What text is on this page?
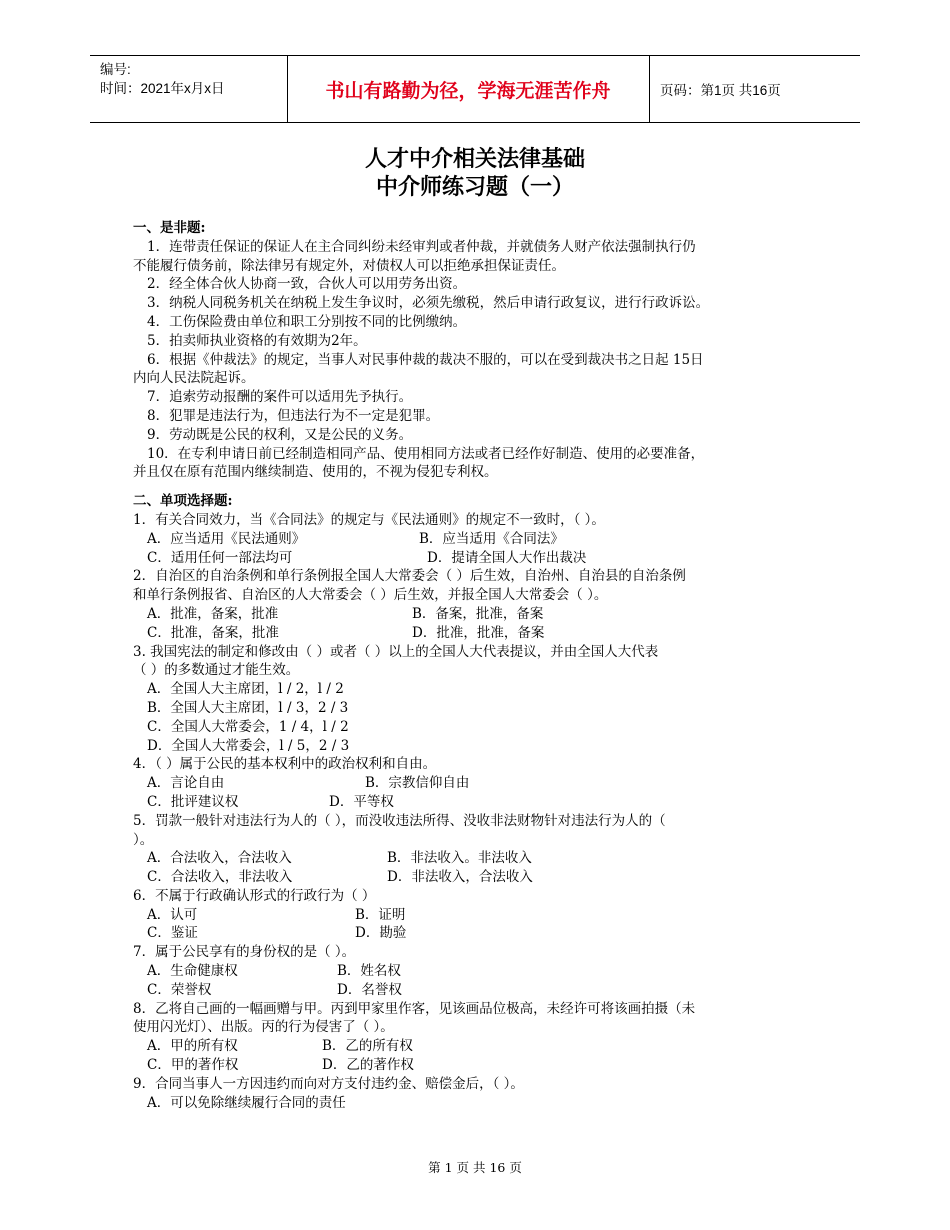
编号:
时间：2021年x月x日	书山有路勤为径，学海无涯苦作舟	页码：第1页 共16页
人才中介相关法律基础
中介师练习题（一）

一、是非题:

1．连带责任保证的保证人在主合同纠纷未经审判或者仲裁，并就债务人财产依法强制执行仍

不能履行债务前，除法律另有规定外，对债权人可以拒绝承担保证责任。

2．经全体合伙人协商一致，合伙人可以用劳务出资。

3．纳税人同税务机关在纳税上发生争议时，必须先缴税，然后申请行政复议，进行行政诉讼。

4．工伤保险费由单位和职工分别按不同的比例缴纳。

5．拍卖师执业资格的有效期为2年。

6．根据《仲裁法》的规定，当事人对民事仲裁的裁决不服的，可以在受到裁决书之日起 15日

内向人民法院起诉。

7．追索劳动报酬的案件可以适用先予执行。

8．犯罪是违法行为，但违法行为不一定是犯罪。

9．劳动既是公民的权利，又是公民的义务。

10．在专利申请日前已经制造相同产品、使用相同方法或者已经作好制造、使用的必要准备，

并且仅在原有范围内继续制造、使用的，不视为侵犯专利权。

二、单项选择题:

1．有关合同效力，当《合同法》的规定与《民法通则》的规定不一致时，（ ）。

A．应当适用《民法通则》	B．应当适用《合同法》
C．适用任何一部法均可	D．提请全国人大作出裁决

2．自治区的自治条例和单行条例报全国人大常委会（ ）后生效，自治州、自治县的自治条例

和单行条例报省、自治区的人大常委会（ ）后生效，并报全国人大常委会（ ）。

A．批准，备案，批准	B．备案，批准，备案
C．批准，备案，批准	D．批准，批准，备案

3. 我国宪法的制定和修改由（ ）或者（ ）以上的全国人大代表提议，并由全国人大代表

（ ）的多数通过才能生效。

A．全国人大主席团，l / 2，l / 2

B．全国人大主席团，l / 3，2 / 3

C．全国人大常委会，1 / 4，l / 2

D．全国人大常委会，l / 5，2 / 3

4．（ ）属于公民的基本权利中的政治权利和自由。

A．言论自由	B．宗教信仰自由
C．批评建议权	D．平等权

5．罚款一般针对违法行为人的（ ），而没收违法所得、没收非法财物针对违法行为人的（

）。

A．合法收入，合法收入	B．非法收入。非法收入
C．合法收入，非法收入	D．非法收入，合法收入

6．不属于行政确认形式的行政行为（ ）

A．认可	B．证明
C．鉴证	D．勘验

7．属于公民享有的身份权的是（ ）。

A．生命健康权	B．姓名权
C．荣誉权	D．名誉权

8．乙将自己画的一幅画赠与甲。丙到甲家里作客，见该画品位极高，未经许可将该画拍摄（未

使用闪光灯）、出版。丙的行为侵害了（ ）。

A．甲的所有权	B．乙的所有权
C．甲的著作权	D．乙的著作权

9．合同当事人一方因违约而向对方支付违约金、赔偿金后，（ ）。

A．可以免除继续履行合同的责任

第 1 页 共 16 页
